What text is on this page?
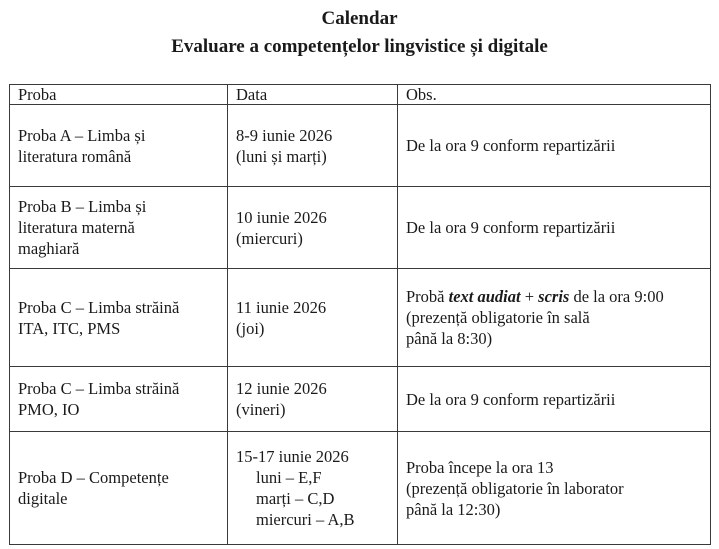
Calendar
Evaluare a competențelor lingvistice și digitale
Proba	Data	Obs.

Proba A – Limba și
literatura română	8-9 iunie 2026
(luni și marți)	De la ora 9 conform repartizării

Proba B – Limba și
literatura maternă
maghiară	10 iunie 2026
(miercuri)	De la ora 9 conform repartizării

Proba C – Limba străină
ITA, ITC, PMS	11 iunie 2026
(joi)	Probă text audiat + scris de la ora 9:00
(prezență obligatorie în sală
până la 8:30)

Proba C – Limba străină
PMO, IO	12 iunie 2026
(vineri)	De la ora 9 conform repartizării

Proba D – Competențe
digitale	15-17 iunie 2026
luni – E,F
marți – C,D
miercuri – A,B	Proba începe la ora 13
(prezență obligatorie în laborator
până la 12:30)
